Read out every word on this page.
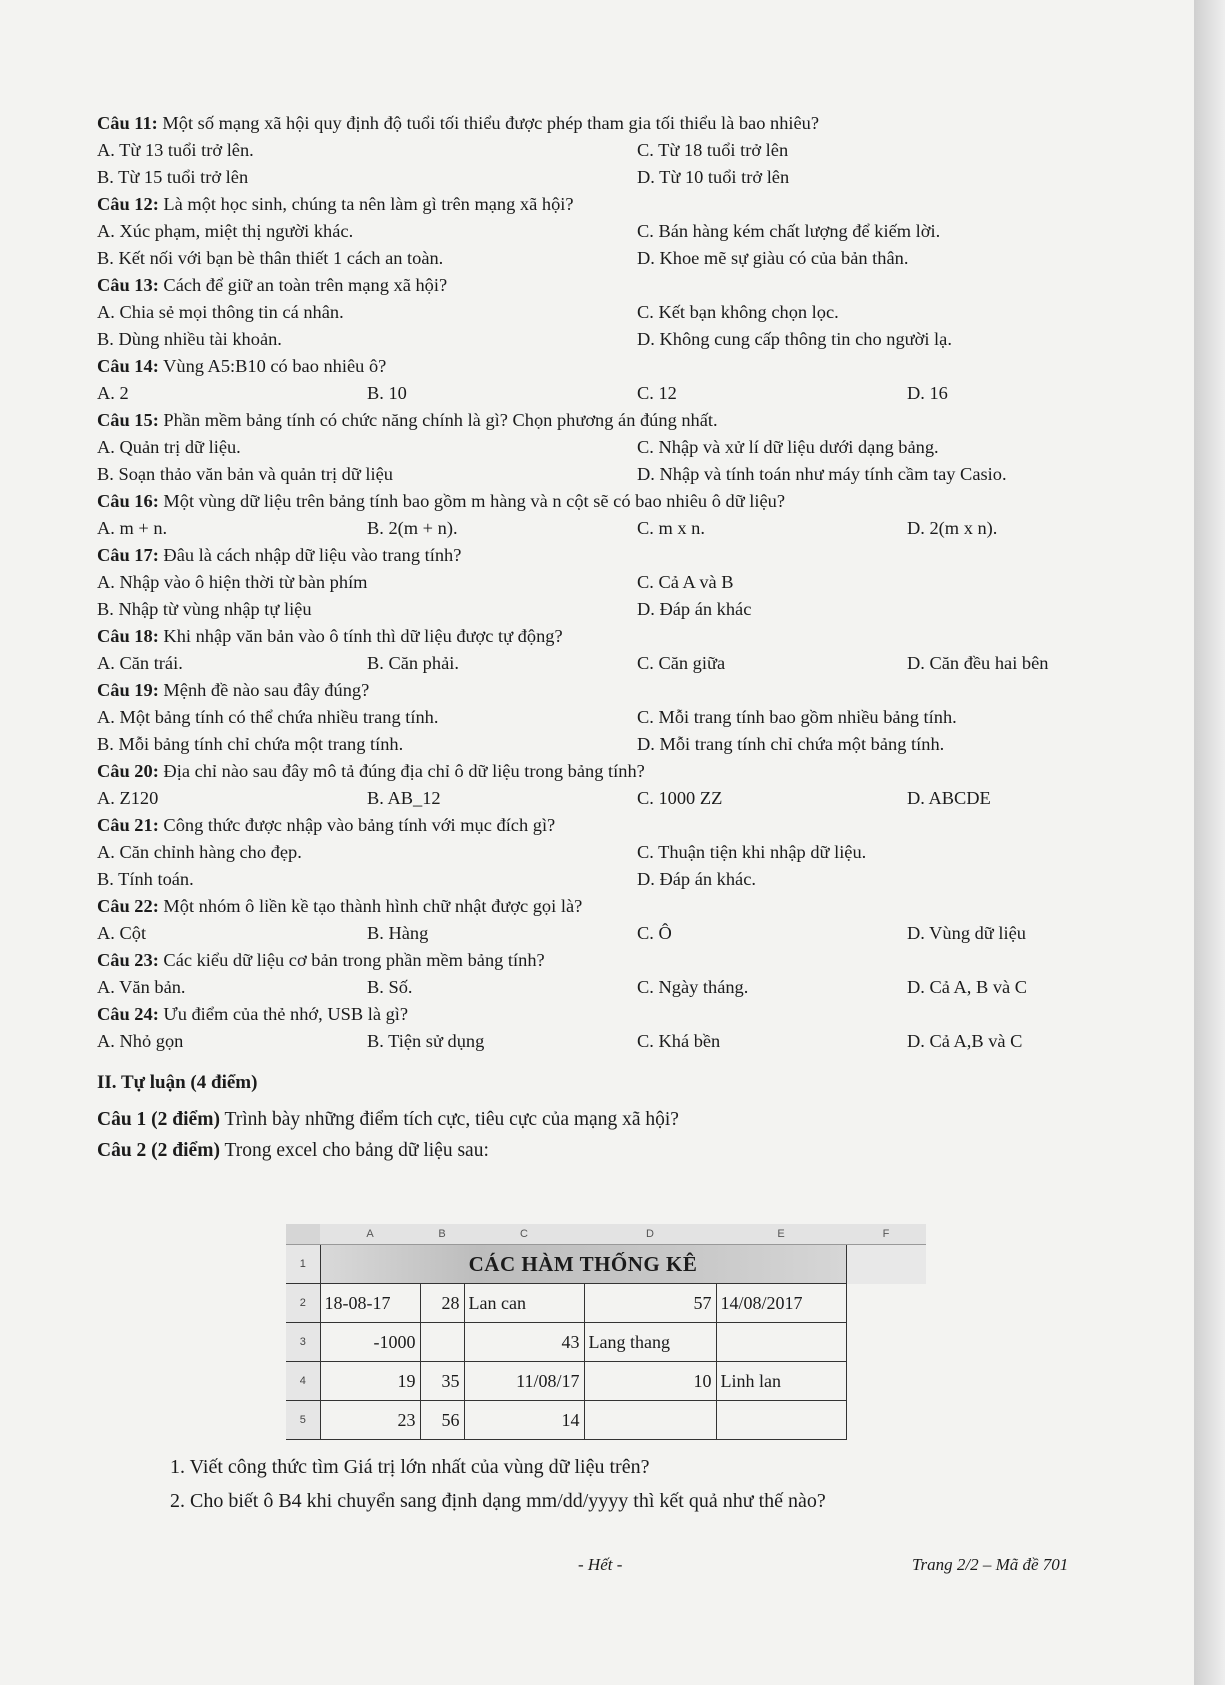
Câu 11: Một số mạng xã hội quy định độ tuổi tối thiểu được phép tham gia tối thiểu là bao nhiêu?
A. Từ 13 tuổi trở lên.	C. Từ 18 tuổi trở lên
B. Từ 15 tuổi trở lên	D. Từ 10 tuổi trở lên
Câu 12: Là một học sinh, chúng ta nên làm gì trên mạng xã hội?
A. Xúc phạm, miệt thị người khác.	C. Bán hàng kém chất lượng để kiếm lời.
B. Kết nối với bạn bè thân thiết 1 cách an toàn.	D. Khoe mẽ sự giàu có của bản thân.
Câu 13: Cách để giữ an toàn trên mạng xã hội?
A. Chia sẻ mọi thông tin cá nhân.	C. Kết bạn không chọn lọc.
B. Dùng nhiều tài khoản.	D. Không cung cấp thông tin cho người lạ.
Câu 14: Vùng A5:B10 có bao nhiêu ô?
A. 2	B. 10	C. 12	D. 16
Câu 15: Phần mềm bảng tính có chức năng chính là gì? Chọn phương án đúng nhất.
A. Quản trị dữ liệu.	C. Nhập và xử lí dữ liệu dưới dạng bảng.
B. Soạn thảo văn bản và quản trị dữ liệu	D. Nhập và tính toán như máy tính cầm tay Casio.
Câu 16: Một vùng dữ liệu trên bảng tính bao gồm m hàng và n cột sẽ có bao nhiêu ô dữ liệu?
A. m + n.	B. 2(m + n).	C. m x n.	D. 2(m x n).
Câu 17: Đâu là cách nhập dữ liệu vào trang tính?
A. Nhập vào ô hiện thời từ bàn phím	C. Cả A và B
B. Nhập từ vùng nhập tự liệu	D. Đáp án khác
Câu 18: Khi nhập văn bản vào ô tính thì dữ liệu được tự động?
A. Căn trái.	B. Căn phải.	C. Căn giữa	D. Căn đều hai bên
Câu 19: Mệnh đề nào sau đây đúng?
A. Một bảng tính có thể chứa nhiều trang tính.	C. Mỗi trang tính bao gồm nhiều bảng tính.
B. Mỗi bảng tính chỉ chứa một trang tính.	D. Mỗi trang tính chỉ chứa một bảng tính.
Câu 20: Địa chỉ nào sau đây mô tả đúng địa chỉ ô dữ liệu trong bảng tính?
A. Z120	B. AB_12	C. 1000 ZZ	D. ABCDE
Câu 21: Công thức được nhập vào bảng tính với mục đích gì?
A. Căn chỉnh hàng cho đẹp.	C. Thuận tiện khi nhập dữ liệu.
B. Tính toán.	D. Đáp án khác.
Câu 22: Một nhóm ô liền kề tạo thành hình chữ nhật được gọi là?
A. Cột	B. Hàng	C. Ô	D. Vùng dữ liệu
Câu 23: Các kiểu dữ liệu cơ bản trong phần mềm bảng tính?
A. Văn bản.	B. Số.	C. Ngày tháng.	D. Cả A, B và C
Câu 24: Ưu điểm của thẻ nhớ, USB là gì?
A. Nhỏ gọn	B. Tiện sử dụng	C. Khá bền	D. Cả A,B và C
II. Tự luận (4 điểm)
Câu 1 (2 điểm) Trình bày những điểm tích cực, tiêu cực của mạng xã hội?
Câu 2 (2 điểm) Trong excel cho bảng dữ liệu sau:
	A	B	C	D	E	F
1	CÁC HÀM THỐNG KÊ					
2	18-08-17	28	Lan can	57	14/08/2017	
3	-1000		43	Lang thang		
4	19	35	11/08/17	10	Linh lan	
5	23	56	14			
1. Viết công thức tìm Giá trị lớn nhất của vùng dữ liệu trên?
2. Cho biết ô B4 khi chuyển sang định dạng mm/dd/yyyy thì kết quả như thế nào?
- Hết -	Trang 2/2 – Mã đề 701
